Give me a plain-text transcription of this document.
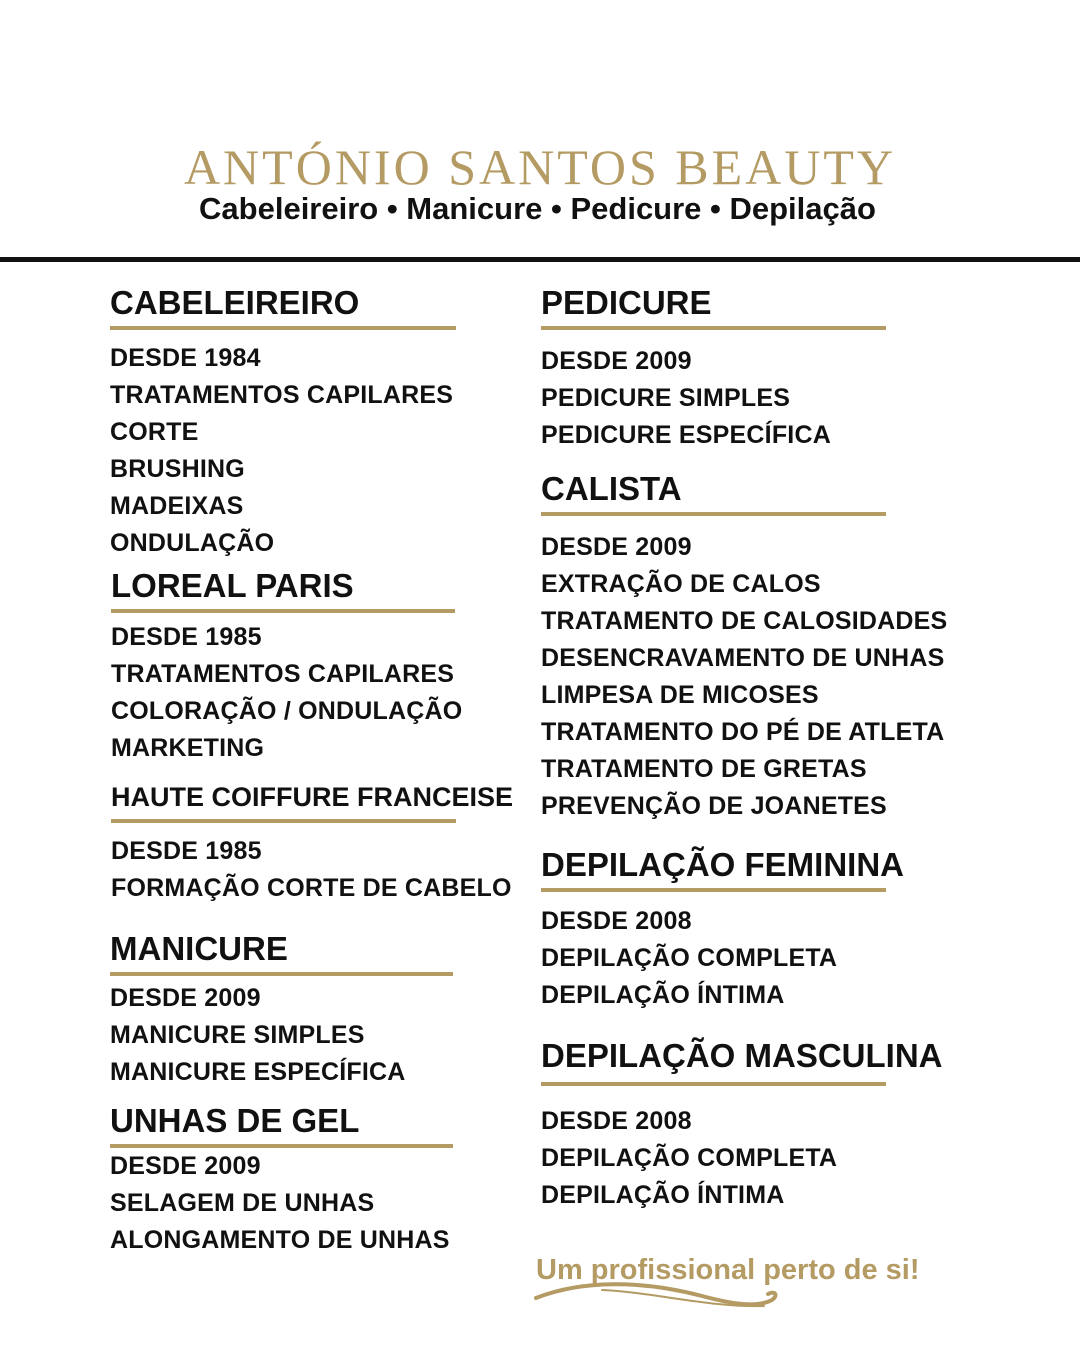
ANTÓNIO SANTOS BEAUTY
Cabeleireiro • Manicure • Pedicure • Depilação
CABELEIREIRO
DESDE 1984
TRATAMENTOS CAPILARES
CORTE
BRUSHING
MADEIXAS
ONDULAÇÃO
LOREAL PARIS
DESDE 1985
TRATAMENTOS CAPILARES
COLORAÇÃO / ONDULAÇÃO
MARKETING
HAUTE COIFFURE FRANCEISE
DESDE 1985
FORMAÇÃO CORTE DE CABELO
MANICURE
DESDE 2009
MANICURE SIMPLES
MANICURE ESPECÍFICA
UNHAS DE GEL
DESDE 2009
SELAGEM DE UNHAS
ALONGAMENTO DE UNHAS
PEDICURE
DESDE 2009
PEDICURE SIMPLES
PEDICURE ESPECÍFICA
CALISTA
DESDE 2009
EXTRAÇÃO DE CALOS
TRATAMENTO DE CALOSIDADES
DESENCRAVAMENTO DE UNHAS
LIMPESA DE MICOSES
TRATAMENTO DO PÉ DE ATLETA
TRATAMENTO DE GRETAS
PREVENÇÃO DE JOANETES
DEPILAÇÃO FEMININA
DESDE 2008
DEPILAÇÃO COMPLETA
DEPILAÇÃO ÍNTIMA
DEPILAÇÃO MASCULINA
DESDE 2008
DEPILAÇÃO COMPLETA
DEPILAÇÃO ÍNTIMA
Um profissional perto de si!
